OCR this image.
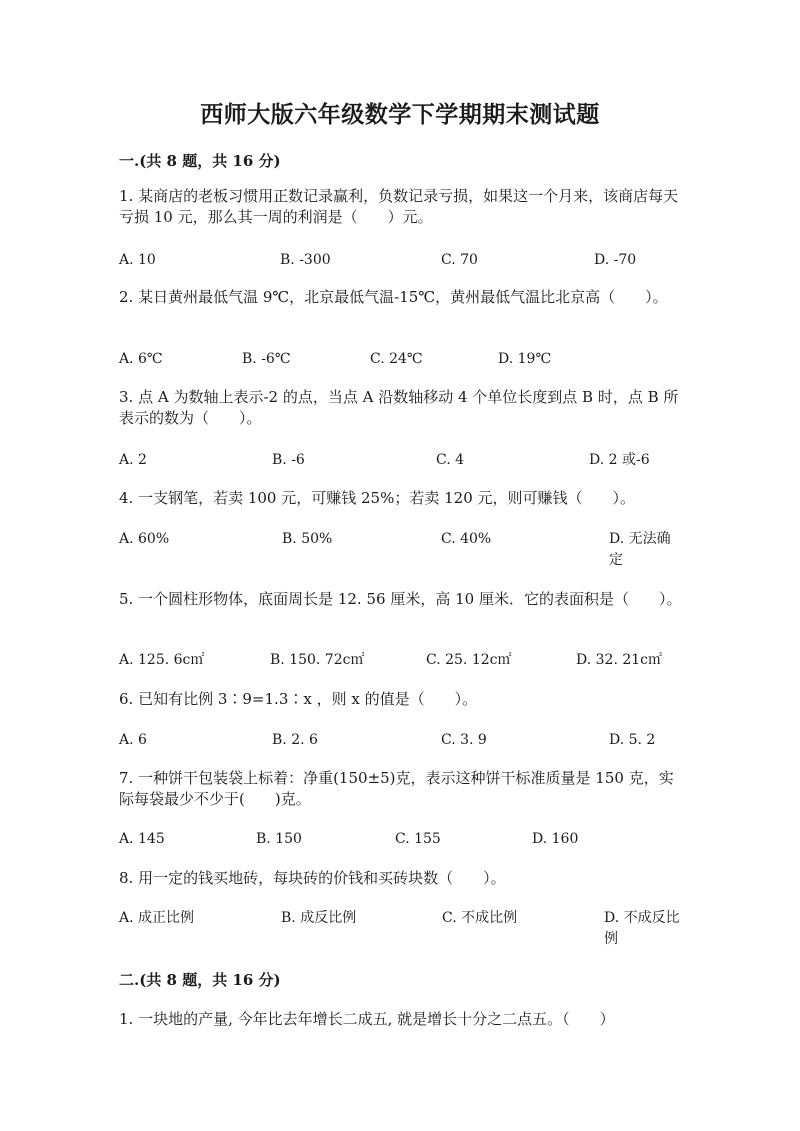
西师大版六年级数学下学期期末测试题
一.(共 8 题，共 16 分)
1. 某商店的老板习惯用正数记录赢利，负数记录亏损，如果这一个月来，该商店每天亏损 10 元，那么其一周的利润是（　　）元。
A. 10	B. -300	C. 70	D. -70
2. 某日黄州最低气温 9℃，北京最低气温-15℃，黄州最低气温比北京高（　　）。
A. 6℃	B. -6℃	C. 24℃	D. 19℃
3. 点 A 为数轴上表示-2 的点，当点 A 沿数轴移动 4 个单位长度到点 B 时，点 B 所表示的数为（　　）。
A. 2	B. -6	C. 4	D. 2 或-6
4. 一支钢笔，若卖 100 元，可赚钱 25%；若卖 120 元，则可赚钱（　　）。
A. 60%	B. 50%	C. 40%	D. 无法确定
5. 一个圆柱形物体，底面周长是 12. 56 厘米，高 10 厘米．它的表面积是（　　）。
A. 125. 6c㎡	B. 150. 72c㎡	C. 25. 12c㎡	D. 32. 21c㎡
6. 已知有比例 3∶9=1.3∶x ，则 x 的值是（　　）。
A. 6	B. 2. 6	C. 3. 9	D. 5. 2
7. 一种饼干包装袋上标着：净重(150±5)克，表示这种饼干标准质量是 150 克，实际每袋最少不少于(　　)克。
A. 145	B. 150	C. 155	D. 160
8. 用一定的钱买地砖，每块砖的价钱和买砖块数（　　）。
A. 成正比例	B. 成反比例	C. 不成比例	D. 不成反比例
二.(共 8 题，共 16 分)
1. 一块地的产量, 今年比去年增长二成五, 就是增长十分之二点五。（　　）
